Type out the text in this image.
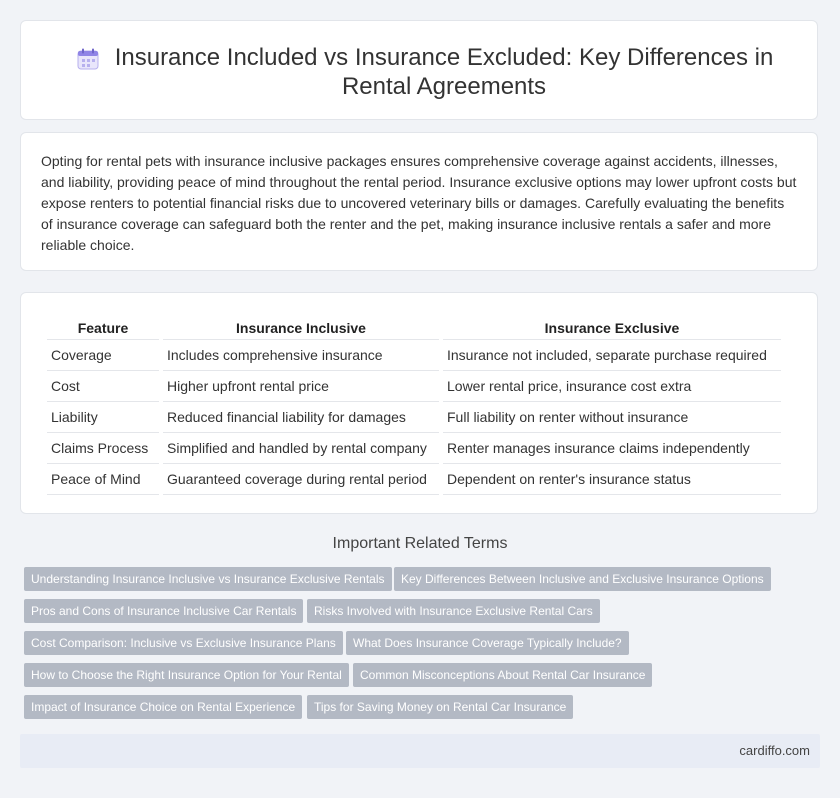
Insurance Included vs Insurance Excluded: Key Differences in Rental Agreements

Opting for rental pets with insurance inclusive packages ensures comprehensive coverage against accidents, illnesses, and liability, providing peace of mind throughout the rental period. Insurance exclusive options may lower upfront costs but expose renters to potential financial risks due to uncovered veterinary bills or damages. Carefully evaluating the benefits of insurance coverage can safeguard both the renter and the pet, making insurance inclusive rentals a safer and more reliable choice.

Feature	Insurance Inclusive	Insurance Exclusive
Coverage	Includes comprehensive insurance	Insurance not included, separate purchase required
Cost	Higher upfront rental price	Lower rental price, insurance cost extra
Liability	Reduced financial liability for damages	Full liability on renter without insurance
Claims Process	Simplified and handled by rental company	Renter manages insurance claims independently
Peace of Mind	Guaranteed coverage during rental period	Dependent on renter's insurance status
Important Related Terms
Understanding Insurance Inclusive vs Insurance Exclusive Rentals	Key Differences Between Inclusive and Exclusive Insurance Options
Pros and Cons of Insurance Inclusive Car Rentals	Risks Involved with Insurance Exclusive Rental Cars
Cost Comparison: Inclusive vs Exclusive Insurance Plans	What Does Insurance Coverage Typically Include?
How to Choose the Right Insurance Option for Your Rental	Common Misconceptions About Rental Car Insurance
Impact of Insurance Choice on Rental Experience	Tips for Saving Money on Rental Car Insurance
cardiffo.com
